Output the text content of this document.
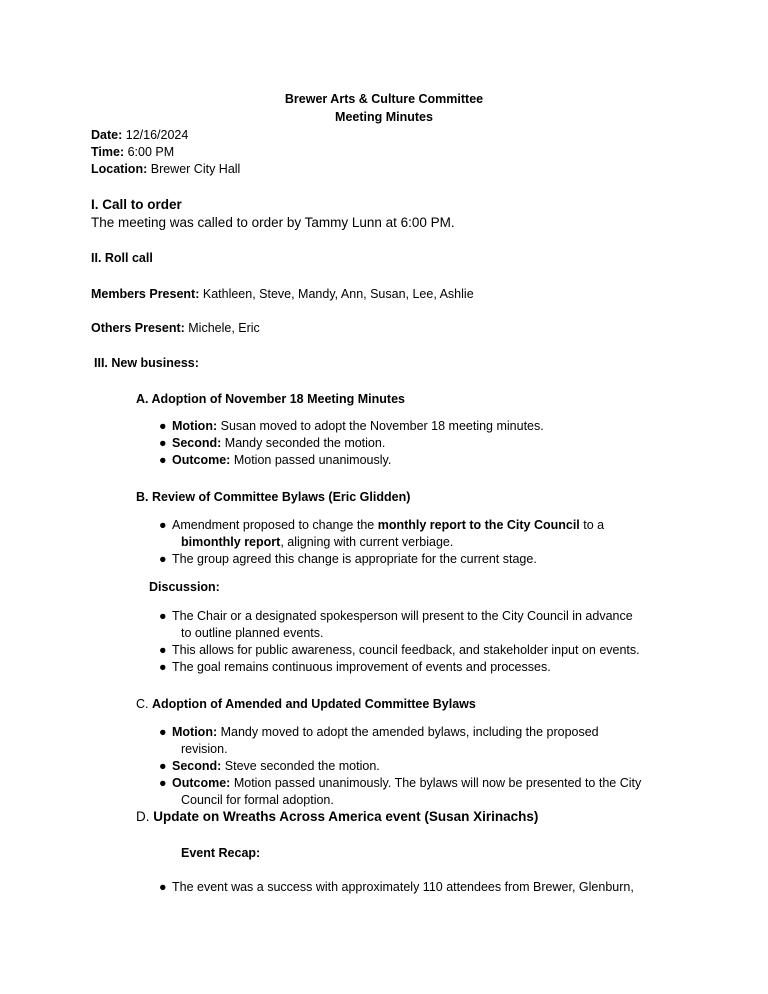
Brewer Arts & Culture Committee
Meeting Minutes
Date: 12/16/2024
Time: 6:00 PM
Location: Brewer City Hall
I. Call to order
The meeting was called to order by Tammy Lunn at 6:00 PM.
II. Roll call
Members Present: Kathleen, Steve, Mandy, Ann, Susan, Lee, Ashlie
Others Present: Michele, Eric
III. New business:
A. Adoption of November 18 Meeting Minutes
● Motion: Susan moved to adopt the November 18 meeting minutes.
● Second: Mandy seconded the motion.
● Outcome: Motion passed unanimously.
B. Review of Committee Bylaws (Eric Glidden)
● Amendment proposed to change the monthly report to the City Council to a
bimonthly report, aligning with current verbiage.
● The group agreed this change is appropriate for the current stage.
Discussion:
● The Chair or a designated spokesperson will present to the City Council in advance
to outline planned events.
● This allows for public awareness, council feedback, and stakeholder input on events.
● The goal remains continuous improvement of events and processes.
C. Adoption of Amended and Updated Committee Bylaws
● Motion: Mandy moved to adopt the amended bylaws, including the proposed
revision.
● Second: Steve seconded the motion.
● Outcome: Motion passed unanimously. The bylaws will now be presented to the City
Council for formal adoption.
D. Update on Wreaths Across America event (Susan Xirinachs)
Event Recap:
● The event was a success with approximately 110 attendees from Brewer, Glenburn,
